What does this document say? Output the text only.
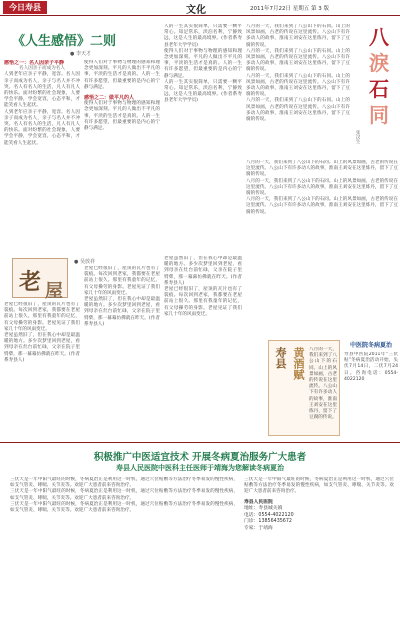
今日寿县	文化	2011年7月22日 星期五 第 3 版
《人生感悟》二则
● 李天才
感悟之一：名人因亲子平静
名人因亲子而成为名人
人到老年应亲子平静，宽容。名人因亲子而成为名人，亲子与名人并不冲突。名人有名人的生活，凡人有凡人的快乐。面对纷繁的社会现象，人要学会平静，学会宽容，心态平和，才能笑看人生起伏。
人到老年应亲子平静，宽容。名人因亲子而成为名人，亲子与名人并不冲突。名人有名人的生活，凡人有凡人的快乐。面对纷繁的社会现象，人要学会平静，学会宽容，心态平和，才能笑看人生起伏。
使得人们对于事物与物理的感知和理念更加深刻。平凡的人做出不平凡的事，平淡的生活才是真的。人的一生有许多愿望，但最重要的是内心的宁静与满足。
感悟之二：做平凡的人
使得人们对于事物与物理的感知和理念更加深刻。平凡的人做出不平凡的事，平淡的生活才是真的。人的一生有许多愿望，但最重要的是内心的宁静与满足。
人的一生其实很简单，只需要一颗平常心。知足常乐，淡泊名利，宁静致远，这是人生的最高境界。(作者系寿县老年大学学员)
使得人们对于事物与物理的感知和理念更加深刻。平凡的人做出不平凡的事，平淡的生活才是真的。人的一生有许多愿望，但最重要的是内心的宁静与满足。
人的一生其实很简单，只需要一颗平常心。知足常乐，淡泊名利，宁静致远，这是人生的最高境界。(作者系寿县老年大学学员)
老 屋
● 吴放祥
老屋已经很旧了，屋顶的瓦片也有了裂痕。每次回到老家，我都要在老屋前站上很久。那里有我童年的记忆，有父母操劳的身影。老屋见证了我们家几十年的风雨变迁。
老屋虽然旧了，但在我心中却是最温暖的地方。多少次梦里回到老屋，看到母亲在灶台前忙碌，父亲在院子里劈柴，那一幕幕仿佛就在昨天。(作者系寿县人)
老屋已经很旧了，屋顶的瓦片也有了裂痕。每次回到老家，我都要在老屋前站上很久。那里有我童年的记忆，有父母操劳的身影。老屋见证了我们家几十年的风雨变迁。
老屋虽然旧了，但在我心中却是最温暖的地方。多少次梦里回到老屋，看到母亲在灶台前忙碌，父亲在院子里劈柴，那一幕幕仿佛就在昨天。(作者系寿县人)
老屋虽然旧了，但在我心中却是最温暖的地方。多少次梦里回到老屋，看到母亲在灶台前忙碌，父亲在院子里劈柴，那一幕幕仿佛就在昨天。(作者系寿县人)
老屋已经很旧了，屋顶的瓦片也有了裂痕。每次回到老家，我都要在老屋前站上很久。那里有我童年的记忆，有父母操劳的身影。老屋见证了我们家几十年的风雨变迁。
八
淚
石
同
张汉生
八月的一天，我们来到了八公山下的石同。山上的风景如画，古老的传说在这里流传。八公山下有许多动人的故事，淮南王刘安在这里炼丹，留下了豆腐的传说。
八月的一天，我们来到了八公山下的石同。山上的风景如画，古老的传说在这里流传。八公山下有许多动人的故事，淮南王刘安在这里炼丹，留下了豆腐的传说。
八月的一天，我们来到了八公山下的石同。山上的风景如画，古老的传说在这里流传。八公山下有许多动人的故事，淮南王刘安在这里炼丹，留下了豆腐的传说。
八月的一天，我们来到了八公山下的石同。山上的风景如画，古老的传说在这里流传。八公山下有许多动人的故事，淮南王刘安在这里炼丹，留下了豆腐的传说。
八月的一天，我们来到了八公山下的石同。山上的风景如画，古老的传说在这里流传。八公山下有许多动人的故事，淮南王刘安在这里炼丹，留下了豆腐的传说。
八月的一天，我们来到了八公山下的石同。山上的风景如画，古老的传说在这里流传。八公山下有许多动人的故事，淮南王刘安在这里炼丹，留下了豆腐的传说。
八月的一天，我们来到了八公山下的石同。山上的风景如画，古老的传说在这里流传。八公山下有许多动人的故事，淮南王刘安在这里炼丹，留下了豆腐的传说。
寿县 黄酒赋 八月的一天，我们来到了八公山下的石同。山上的风景如画，古老的传说在这里流传。八公山下有许多动人的故事，淮南王刘安在这里炼丹，留下了豆腐的传说。
中医院冬病夏治
寿县中医院2011年“三伏贴”冬病夏治活动开始，头伏7月14日，二伏7月24日。咨询电话：0554-4022120
积极推广中医适宜技术 开展冬病夏治服务广大患者
寿县人民医院中医科主任医师于靖海为您解读冬病夏治
三伏天是一年中阳气最旺的时候，冬病夏治正是利用这一时机，通过穴位贴敷等方法治疗冬季易发的慢性疾病，如支气管炎、哮喘、关节炎等。欢迎广大患者前来咨询治疗。
三伏天是一年中阳气最旺的时候，冬病夏治正是利用这一时机，通过穴位贴敷等方法治疗冬季易发的慢性疾病，如支气管炎、哮喘、关节炎等。欢迎广大患者前来咨询治疗。
三伏天是一年中阳气最旺的时候，冬病夏治正是利用这一时机，通过穴位贴敷等方法治疗冬季易发的慢性疾病，如支气管炎、哮喘、关节炎等。欢迎广大患者前来咨询治疗。
三伏天是一年中阳气最旺的时候，冬病夏治正是利用这一时机，通过穴位贴敷等方法治疗冬季易发的慢性疾病，如支气管炎、哮喘、关节炎等。欢迎广大患者前来咨询治疗。
寿县人民医院
地址：寿县城关镇
电话：0554-4022120
门诊：13856435672
专家：于靖海
